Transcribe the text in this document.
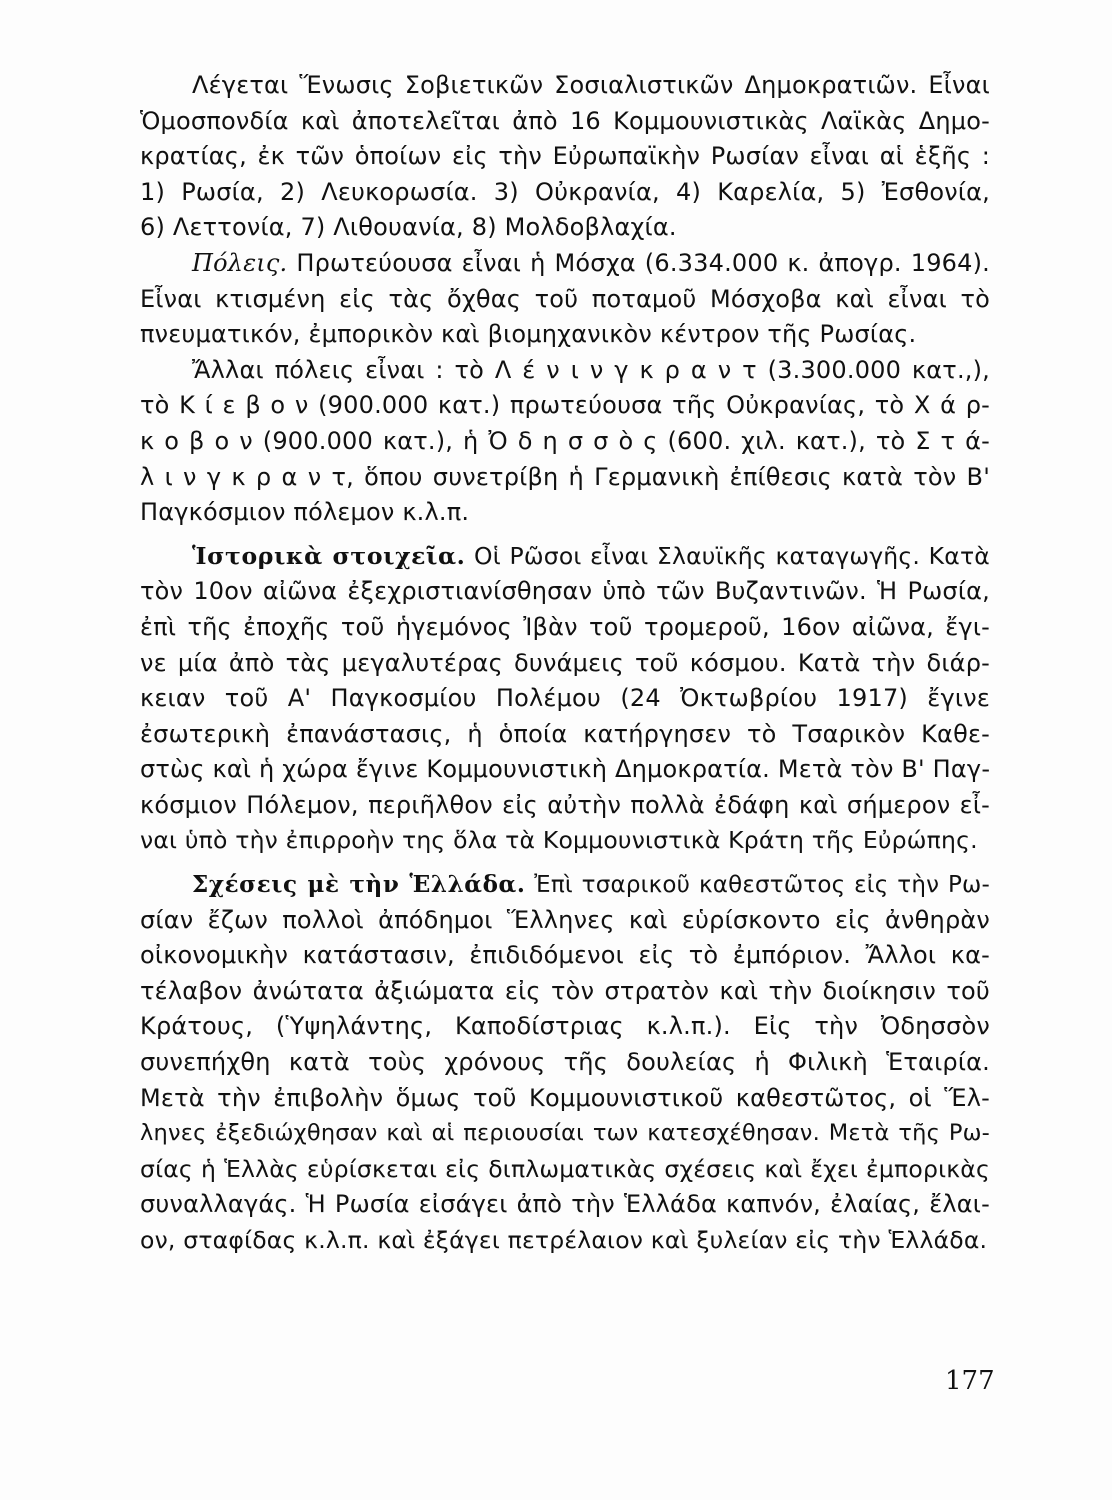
Λέγεται Ἕνωσις Σοβιετικῶν Σοσιαλιστικῶν Δημοκρατιῶν. Εἶναι
Ὁμοσπονδία καὶ ἀποτελεῖται ἀπὸ 16 Κομμουνιστικὰς Λαϊκὰς Δημο-
κρατίας, ἐκ τῶν ὁποίων εἰς τὴν Εὐρωπαϊκὴν Ρωσίαν εἶναι αἱ ἑξῆς :
1) Ρωσία, 2) Λευκορωσία. 3) Οὐκρανία, 4) Καρελία, 5) Ἐσθονία,
6) Λεττονία, 7) Λιθουανία, 8) Μολδοβλαχία.
Πόλεις. Πρωτεύουσα εἶναι ἡ Μόσχα (6.334.000 κ. ἀπογρ. 1964).
Εἶναι κτισμένη εἰς τὰς ὄχθας τοῦ ποταμοῦ Μόσχοβα καὶ εἶναι τὸ
πνευματικόν, ἐμπορικὸν καὶ βιομηχανικὸν κέντρον τῆς Ρωσίας.
Ἄλλαι πόλεις εἶναι : τὸ Λ έ ν ι ν γ κ ρ α ν τ (3.300.000 κατ.,),
τὸ Κ ί ε β ο ν (900.000 κατ.) πρωτεύουσα τῆς Οὐκρανίας, τὸ Χ ά ρ-
κ ο β ο ν (900.000 κατ.), ἡ Ὀ δ η σ σ ὸ ς (600. χιλ. κατ.), τὸ Σ τ ά-
λ ι ν γ κ ρ α ν τ, ὅπου συνετρίβη ἡ Γερμανικὴ ἐπίθεσις κατὰ τὸν Β'
Παγκόσμιον πόλεμον κ.λ.π.
Ἱστορικὰ στοιχεῖα. Οἱ Ρῶσοι εἶναι Σλαυϊκῆς καταγωγῆς. Κατὰ
τὸν 10ον αἰῶνα ἐξεχριστιανίσθησαν ὑπὸ τῶν Βυζαντινῶν. Ἡ Ρωσία,
ἐπὶ τῆς ἐποχῆς τοῦ ἡγεμόνος Ἰβὰν τοῦ τρομεροῦ, 16ον αἰῶνα, ἔγι-
νε μία ἀπὸ τὰς μεγαλυτέρας δυνάμεις τοῦ κόσμου. Κατὰ τὴν διάρ-
κειαν τοῦ Α' Παγκοσμίου Πολέμου (24 Ὀκτωβρίου 1917) ἔγινε
ἐσωτερικὴ ἐπανάστασις, ἡ ὁποία κατήργησεν τὸ Τσαρικὸν Καθε-
στὼς καὶ ἡ χώρα ἔγινε Κομμουνιστικὴ Δημοκρατία. Μετὰ τὸν Β' Παγ-
κόσμιον Πόλεμον, περιῆλθον εἰς αὐτὴν πολλὰ ἐδάφη καὶ σήμερον εἶ-
ναι ὑπὸ τὴν ἐπιρροὴν της ὅλα τὰ Κομμουνιστικὰ Κράτη τῆς Εὐρώπης.
Σχέσεις μὲ τὴν Ἑλλάδα. Ἐπὶ τσαρικοῦ καθεστῶτος εἰς τὴν Ρω-
σίαν ἔζων πολλοὶ ἀπόδημοι Ἕλληνες καὶ εὑρίσκοντο εἰς ἀνθηρὰν
οἰκονομικὴν κατάστασιν, ἐπιδιδόμενοι εἰς τὸ ἐμπόριον. Ἄλλοι κα-
τέλαβον ἀνώτατα ἀξιώματα εἰς τὸν στρατὸν καὶ τὴν διοίκησιν τοῦ
Κράτους, (Ὑψηλάντης, Καποδίστριας κ.λ.π.). Εἰς τὴν Ὀδησσὸν
συνεπήχθη κατὰ τοὺς χρόνους τῆς δουλείας ἡ Φιλικὴ Ἑταιρία.
Μετὰ τὴν ἐπιβολὴν ὅμως τοῦ Κομμουνιστικοῦ καθεστῶτος, οἱ Ἕλ-
ληνες ἐξεδιώχθησαν καὶ αἱ περιουσίαι των κατεσχέθησαν. Μετὰ τῆς Ρω-
σίας ἡ Ἑλλὰς εὑρίσκεται εἰς διπλωματικὰς σχέσεις καὶ ἔχει ἐμπορικὰς
συναλλαγάς. Ἡ Ρωσία εἰσάγει ἀπὸ τὴν Ἑλλάδα καπνόν, ἐλαίας, ἔλαι-
ον, σταφίδας κ.λ.π. καὶ ἐξάγει πετρέλαιον καὶ ξυλείαν εἰς τὴν Ἑλλάδα.
177
